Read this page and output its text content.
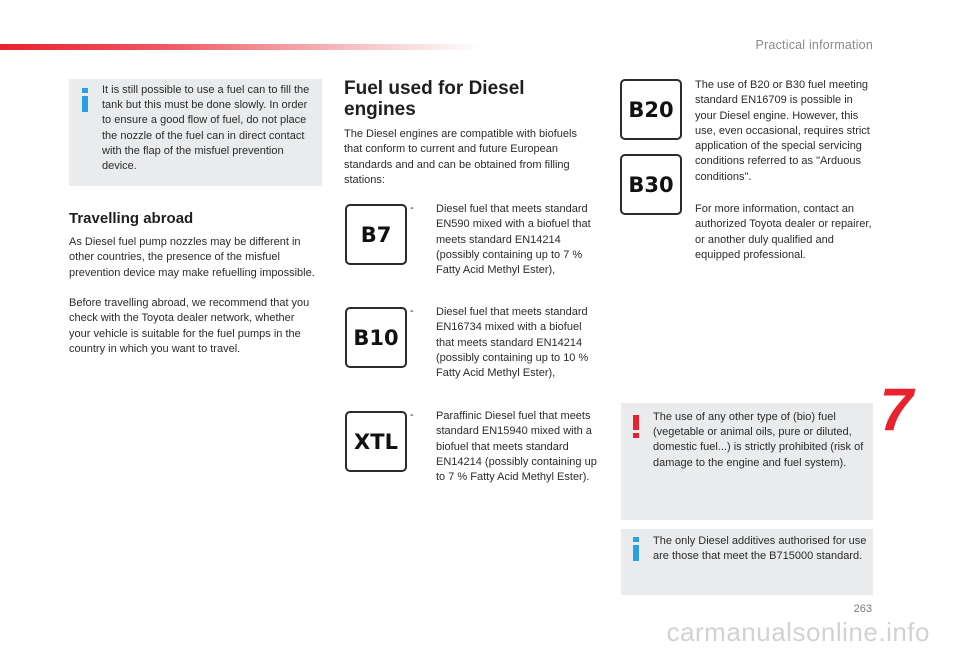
Practical information

It is still possible to use a fuel can to fill the tank but this must be done slowly. In order to ensure a good flow of fuel, do not place the nozzle of the fuel can in direct contact with the flap of the misfuel prevention device.

Travelling abroad
As Diesel fuel pump nozzles may be different in other countries, the presence of the misfuel prevention device may make refuelling impossible.
Before travelling abroad, we recommend that you check with the Toyota dealer network, whether your vehicle is suitable for the fuel pumps in the country in which you want to travel.
Fuel used for Diesel engines
The Diesel engines are compatible with biofuels that conform to current and future European standards and and can be obtained from filling stations:
B7
- Diesel fuel that meets standard EN590 mixed with a biofuel that meets standard EN14214 (possibly containing up to 7 % Fatty Acid Methyl Ester),
B10
- Diesel fuel that meets standard EN16734 mixed with a biofuel that meets standard EN14214 (possibly containing up to 10 % Fatty Acid Methyl Ester),
XTL
- Paraffinic Diesel fuel that meets standard EN15940 mixed with a biofuel that meets standard EN14214 (possibly containing up to 7 % Fatty Acid Methyl Ester).
B20
B30
The use of B20 or B30 fuel meeting standard EN16709 is possible in your Diesel engine. However, this use, even occasional, requires strict application of the special servicing conditions referred to as "Arduous conditions".
For more information, contact an authorized Toyota dealer or repairer, or another duly qualified and equipped professional.

The use of any other type of (bio) fuel (vegetable or animal oils, pure or diluted, domestic fuel...) is strictly prohibited (risk of damage to the engine and fuel system).

The only Diesel additives authorised for use are those that meet the B715000 standard.

7
263
carmanualsonline.info
